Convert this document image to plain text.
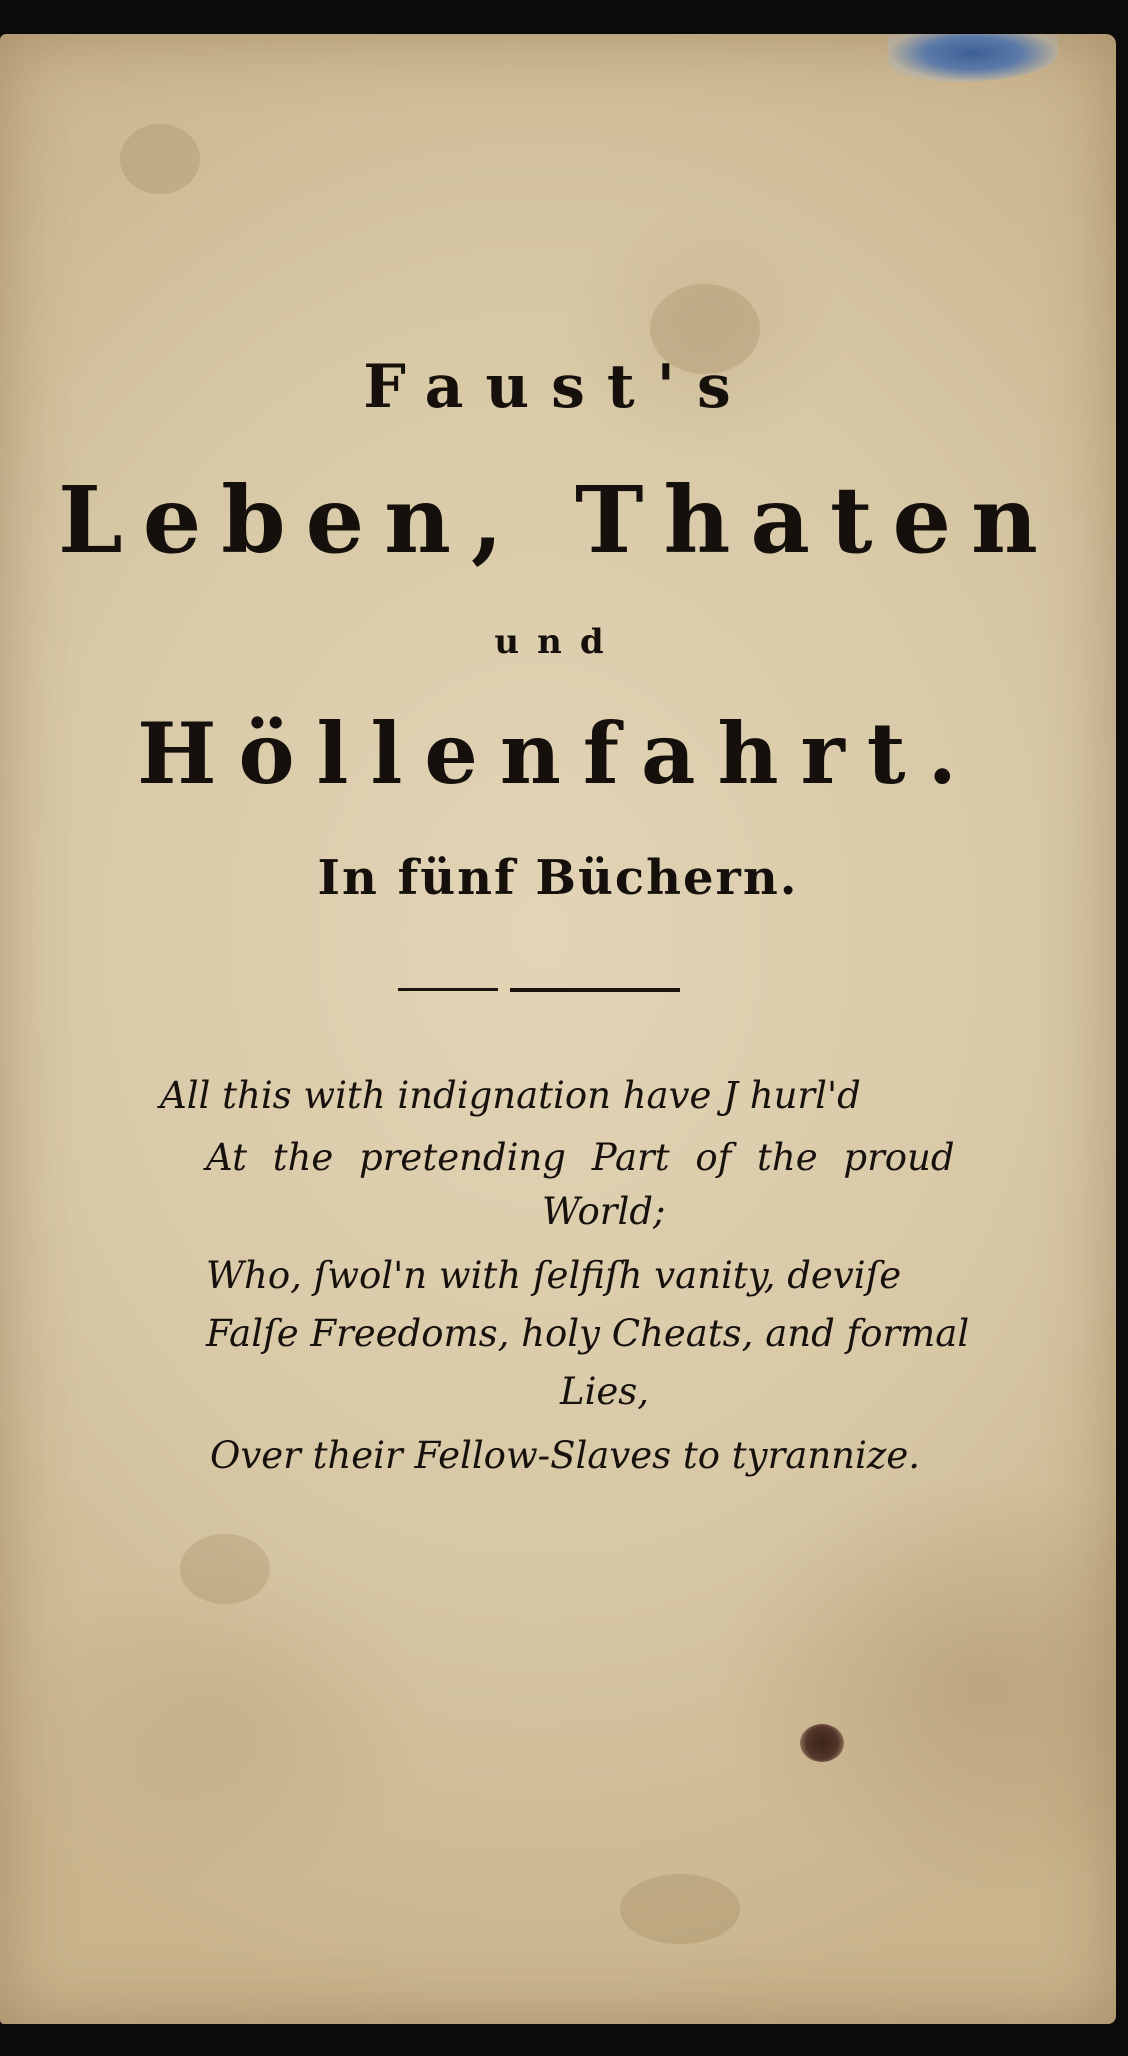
Faust's
Leben, Thaten
und
Höllenfahrt.
In fünf Büchern.
All this with indignation have J hurl'd
At the pretending Part of the proud
World;
Who, ſwol'n with ſelfiſh vanity, deviſe
Falſe Freedoms, holy Cheats, and formal
Lies,
Over their Fellow-Slaves to tyrannize.
